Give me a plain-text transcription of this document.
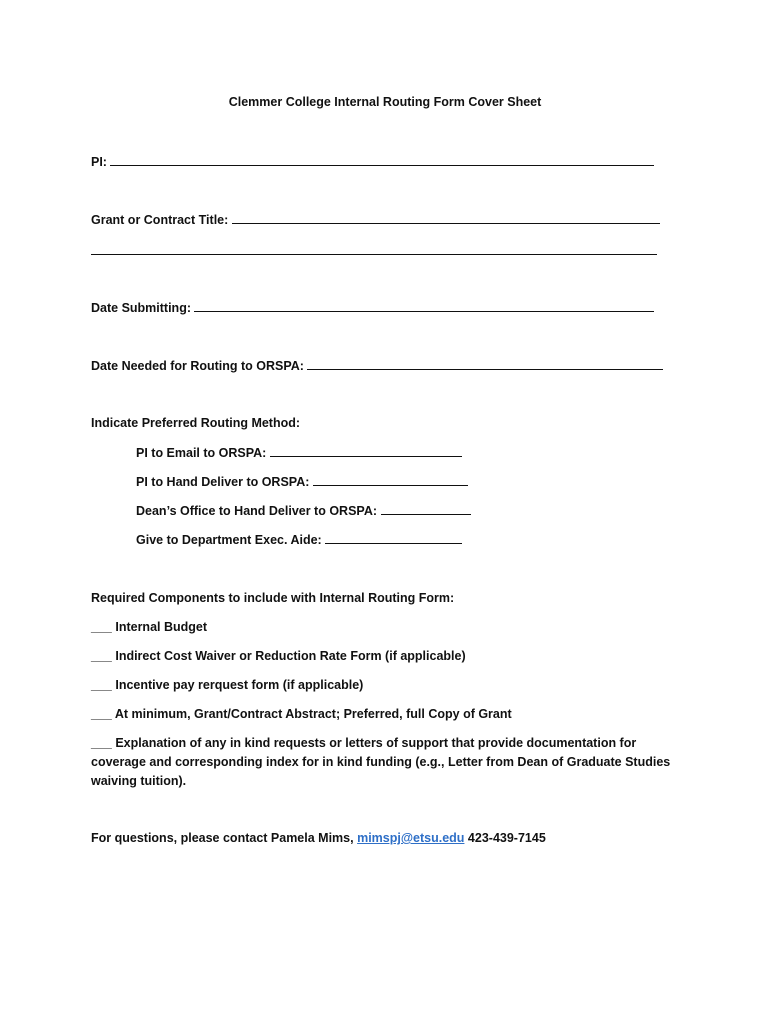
Clemmer College Internal Routing Form Cover Sheet
PI:
Grant or Contract Title:
Date Submitting:
Date Needed for Routing to ORSPA:
Indicate Preferred Routing Method:
PI to Email to ORSPA:
PI to Hand Deliver to ORSPA:
Dean’s Office to Hand Deliver to ORSPA:
Give to Department Exec. Aide:
Required Components to include with Internal Routing Form:
___ Internal Budget
___ Indirect Cost Waiver or Reduction Rate Form (if applicable)
___ Incentive pay rerquest form (if applicable)
___ At minimum, Grant/Contract Abstract; Preferred, full Copy of Grant
___ Explanation of any in kind requests or letters of support that provide documentation for coverage and corresponding index for in kind funding (e.g., Letter from Dean of Graduate Studies waiving tuition).
For questions, please contact Pamela Mims, mimspj@etsu.edu 423-439-7145
